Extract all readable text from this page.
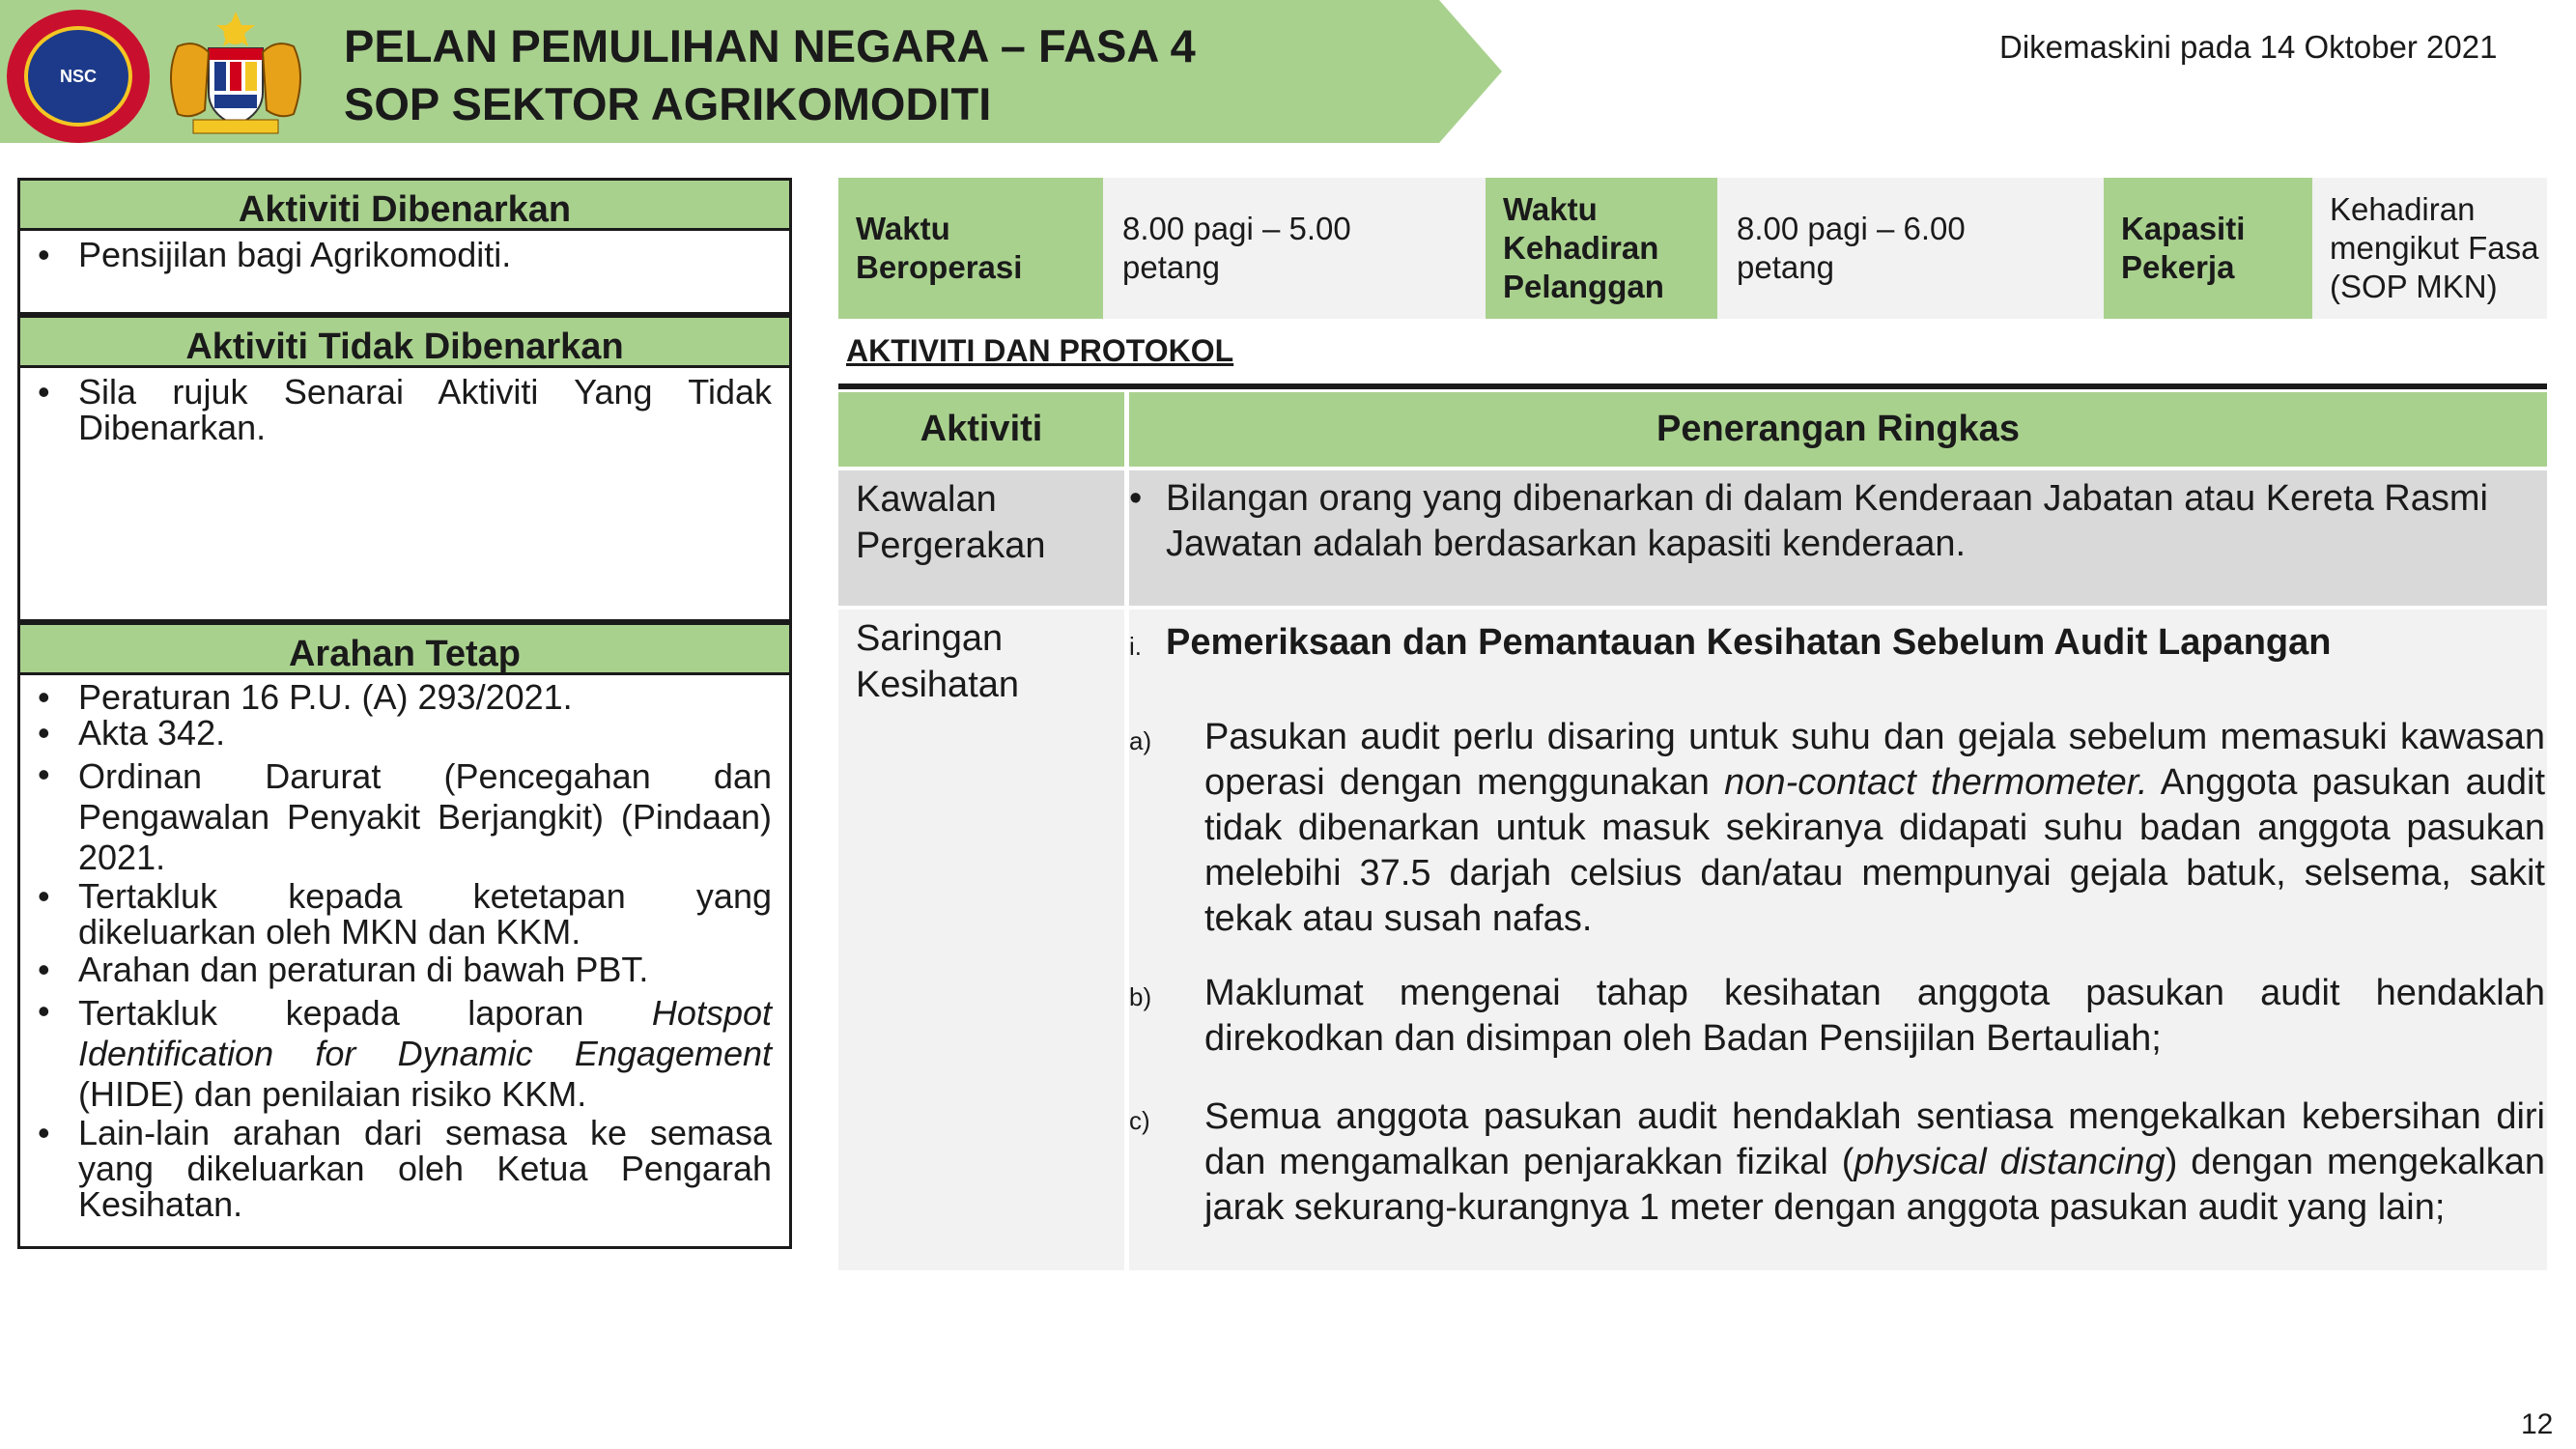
NSC
PELAN PEMULIHAN NEGARA – FASA 4
SOP SEKTOR AGRIKOMODITI
Dikemaskini pada 14 Oktober 2021
Aktiviti Dibenarkan
• Pensijilan bagi Agrikomoditi.
Aktiviti Tidak Dibenarkan
• Sila rujuk Senarai Aktiviti Yang Tidak Dibenarkan.
Arahan Tetap
• Peraturan 16 P.U. (A) 293/2021.
• Akta 342.
• Ordinan Darurat (Pencegahan dan Pengawalan Penyakit Berjangkit) (Pindaan) 2021.
• Tertakluk kepada ketetapan yang dikeluarkan oleh MKN dan KKM.
• Arahan dan peraturan di bawah PBT.
• Tertakluk kepada laporan Hotspot Identification for Dynamic Engagement (HIDE) dan penilaian risiko KKM.
• Lain-lain arahan dari semasa ke semasa yang dikeluarkan oleh Ketua Pengarah Kesihatan.
Waktu Beroperasi
8.00 pagi – 5.00 petang
Waktu Kehadiran Pelanggan
8.00 pagi – 6.00 petang
Kapasiti Pekerja
Kehadiran mengikut Fasa (SOP MKN)
AKTIVITI DAN PROTOKOL
Aktiviti	Penerangan Ringkas
Kawalan Pergerakan
• Bilangan orang yang dibenarkan di dalam Kenderaan Jabatan atau Kereta Rasmi Jawatan adalah berdasarkan kapasiti kenderaan.
Saringan Kesihatan
i. Pemeriksaan dan Pemantauan Kesihatan Sebelum Audit Lapangan
a) Pasukan audit perlu disaring untuk suhu dan gejala sebelum memasuki kawasan operasi dengan menggunakan non-contact thermometer. Anggota pasukan audit tidak dibenarkan untuk masuk sekiranya didapati suhu badan anggota pasukan melebihi 37.5 darjah celsius dan/atau mempunyai gejala batuk, selsema, sakit tekak atau susah nafas.
b) Maklumat mengenai tahap kesihatan anggota pasukan audit hendaklah direkodkan dan disimpan oleh Badan Pensijilan Bertauliah;
c) Semua anggota pasukan audit hendaklah sentiasa mengekalkan kebersihan diri dan mengamalkan penjarakkan fizikal (physical distancing) dengan mengekalkan jarak sekurang-kurangnya 1 meter dengan anggota pasukan audit yang lain;
12
